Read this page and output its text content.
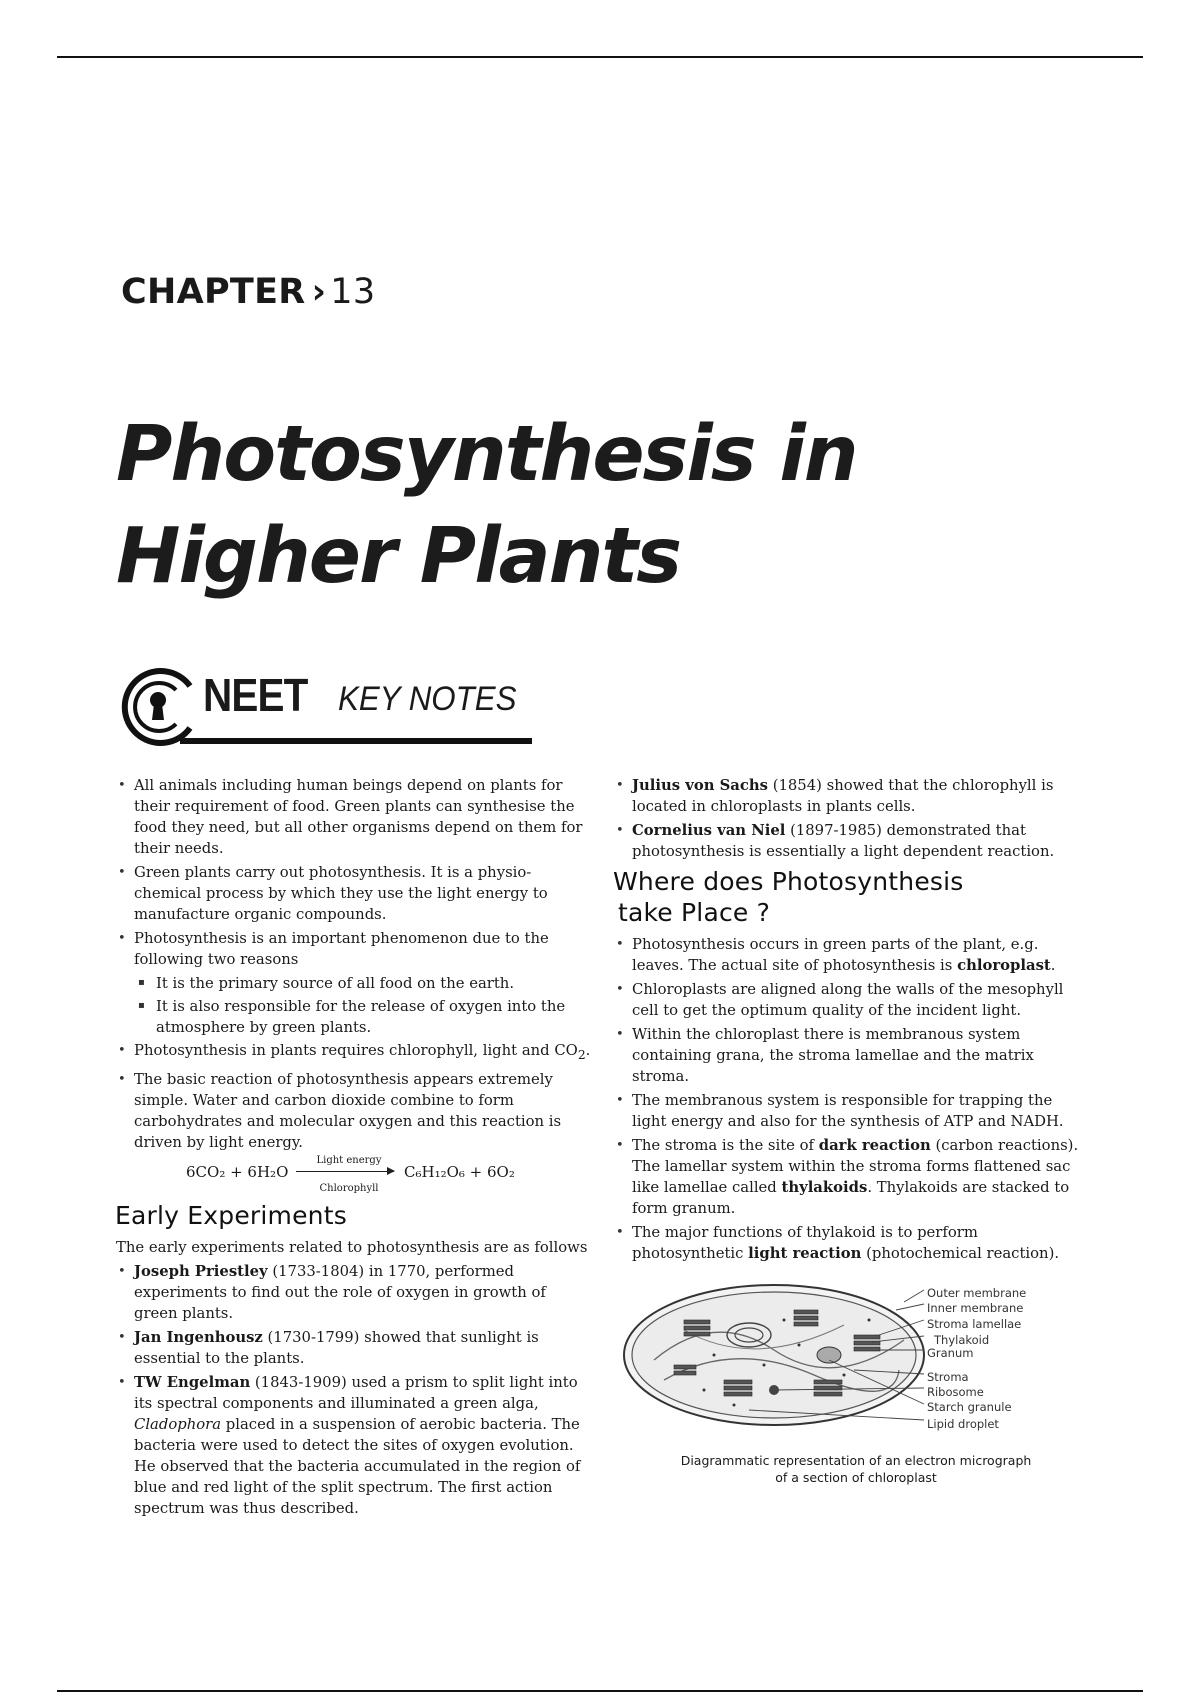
CHAPTER › 13
Photosynthesis in
Higher Plants
NEET KEY NOTES
• All animals including human beings depend on plants for their requirement of food. Green plants can synthesise the food they need, but all other organisms depend on them for their needs.
• Green plants carry out photosynthesis. It is a physio-chemical process by which they use the light energy to manufacture organic compounds.
• Photosynthesis is an important phenomenon due to the following two reasons
▪ It is the primary source of all food on the earth.
▪ It is also responsible for the release of oxygen into the atmosphere by green plants.
• Photosynthesis in plants requires chlorophyll, light and $CO_2$.
• The basic reaction of photosynthesis appears extremely simple. Water and carbon dioxide combine to form carbohydrates and molecular oxygen and this reaction is driven by light energy.
6CO₂ + 6H₂O
Light energy
Chlorophyll
C₆H₁₂O₆ + 6O₂
Early Experiments
The early experiments related to photosynthesis are as follows
• Joseph Priestley (1733-1804) in 1770, performed experiments to find out the role of oxygen in growth of green plants.
• Jan Ingenhousz (1730-1799) showed that sunlight is essential to the plants.
• TW Engelman (1843-1909) used a prism to split light into its spectral components and illuminated a green alga, Cladophora placed in a suspension of aerobic bacteria. The bacteria were used to detect the sites of oxygen evolution. He observed that the bacteria accumulated in the region of blue and red light of the split spectrum. The first action spectrum was thus described.
• Julius von Sachs (1854) showed that the chlorophyll is located in chloroplasts in plants cells.
• Cornelius van Niel (1897-1985) demonstrated that photosynthesis is essentially a light dependent reaction.
Where does Photosynthesis
take Place ?
• Photosynthesis occurs in green parts of the plant, e.g. leaves. The actual site of photosynthesis is chloroplast.
• Chloroplasts are aligned along the walls of the mesophyll cell to get the optimum quality of the incident light.
• Within the chloroplast there is membranous system containing grana, the stroma lamellae and the matrix stroma.
• The membranous system is responsible for trapping the light energy and also for the synthesis of ATP and NADH.
• The stroma is the site of dark reaction (carbon reactions). The lamellar system within the stroma forms flattened sac like lamellae called thylakoids. Thylakoids are stacked to form granum.
• The major functions of thylakoid is to perform photosynthetic light reaction (photochemical reaction).
Outer membrane
Inner membrane
Stroma lamellae
Thylakoid
Granum
Stroma
Ribosome
Starch granule
Lipid droplet
Diagrammatic representation of an electron micrograph
of a section of chloroplast
